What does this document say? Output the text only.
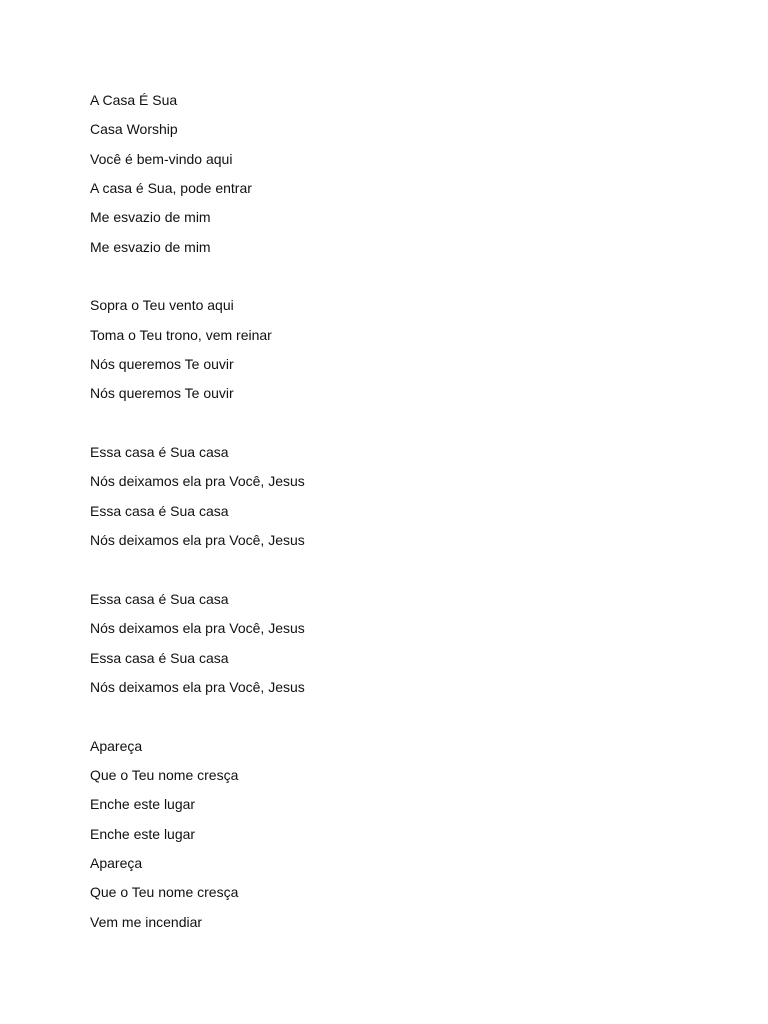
A Casa É Sua
Casa Worship
Você é bem-vindo aqui
A casa é Sua, pode entrar
Me esvazio de mim
Me esvazio de mim
Sopra o Teu vento aqui
Toma o Teu trono, vem reinar
Nós queremos Te ouvir
Nós queremos Te ouvir
Essa casa é Sua casa
Nós deixamos ela pra Você, Jesus
Essa casa é Sua casa
Nós deixamos ela pra Você, Jesus
Essa casa é Sua casa
Nós deixamos ela pra Você, Jesus
Essa casa é Sua casa
Nós deixamos ela pra Você, Jesus
Apareça
Que o Teu nome cresça
Enche este lugar
Enche este lugar
Apareça
Que o Teu nome cresça
Vem me incendiar
